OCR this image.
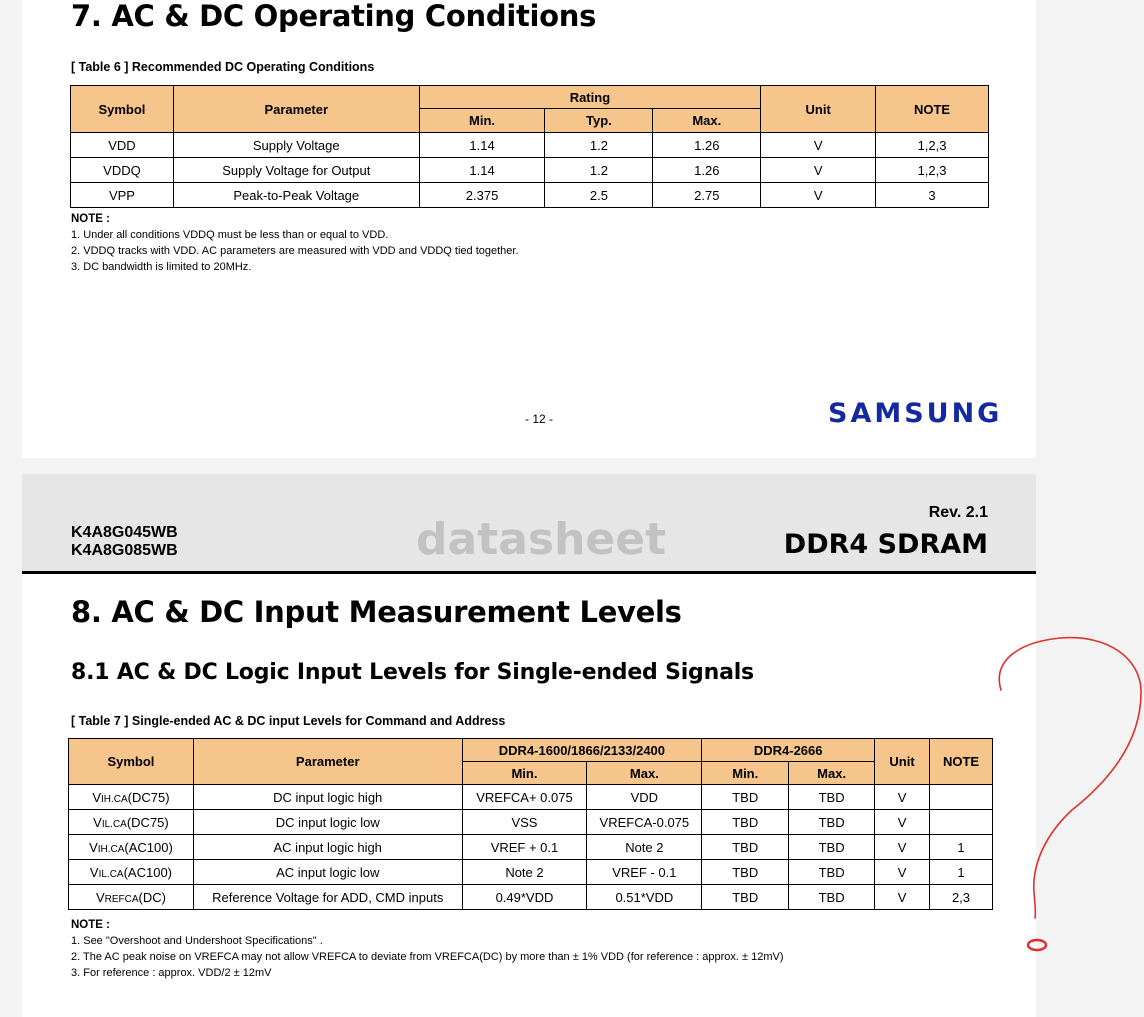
7. AC & DC Operating Conditions
[ Table 6 ] Recommended DC Operating Conditions
Symbol	Parameter	Rating			Unit	NOTE
		Min.	Typ.	Max.		
VDD	Supply Voltage	1.14	1.2	1.26	V	1,2,3
VDDQ	Supply Voltage for Output	1.14	1.2	1.26	V	1,2,3
VPP	Peak-to-Peak Voltage	2.375	2.5	2.75	V	3
NOTE :
1. Under all conditions VDDQ must be less than or equal to VDD.
2. VDDQ tracks with VDD. AC parameters are measured with VDD and VDDQ tied together.
3. DC bandwidth is limited to 20MHz.
- 12 -	SAMSUNG
K4A8G045WB
K4A8G085WB	datasheet
Rev. 2.1
DDR4 SDRAM
8. AC & DC Input Measurement Levels
8.1 AC & DC Logic Input Levels for Single-ended Signals
[ Table 7 ] Single-ended AC & DC input Levels for Command and Address
Symbol	Parameter	DDR4-1600/1866/2133/2400		DDR4-2666		Unit	NOTE
		Min.	Max.	Min.	Max.		
VIH.CA(DC75)	DC input logic high	VREFCA+ 0.075	VDD	TBD	TBD	V	
VIL.CA(DC75)	DC input logic low	VSS	VREFCA-0.075	TBD	TBD	V	
VIH.CA(AC100)	AC input logic high	VREF + 0.1	Note 2	TBD	TBD	V	1
VIL.CA(AC100)	AC input logic low	Note 2	VREF - 0.1	TBD	TBD	V	1
VREFCA(DC)	Reference Voltage for ADD, CMD inputs	0.49*VDD	0.51*VDD	TBD	TBD	V	2,3
NOTE :
1. See "Overshoot and Undershoot Specifications" .
2. The AC peak noise on VREFCA may not allow VREFCA to deviate from VREFCA(DC) by more than ± 1% VDD (for reference : approx. ± 12mV)
3. For reference : approx. VDD/2 ± 12mV
